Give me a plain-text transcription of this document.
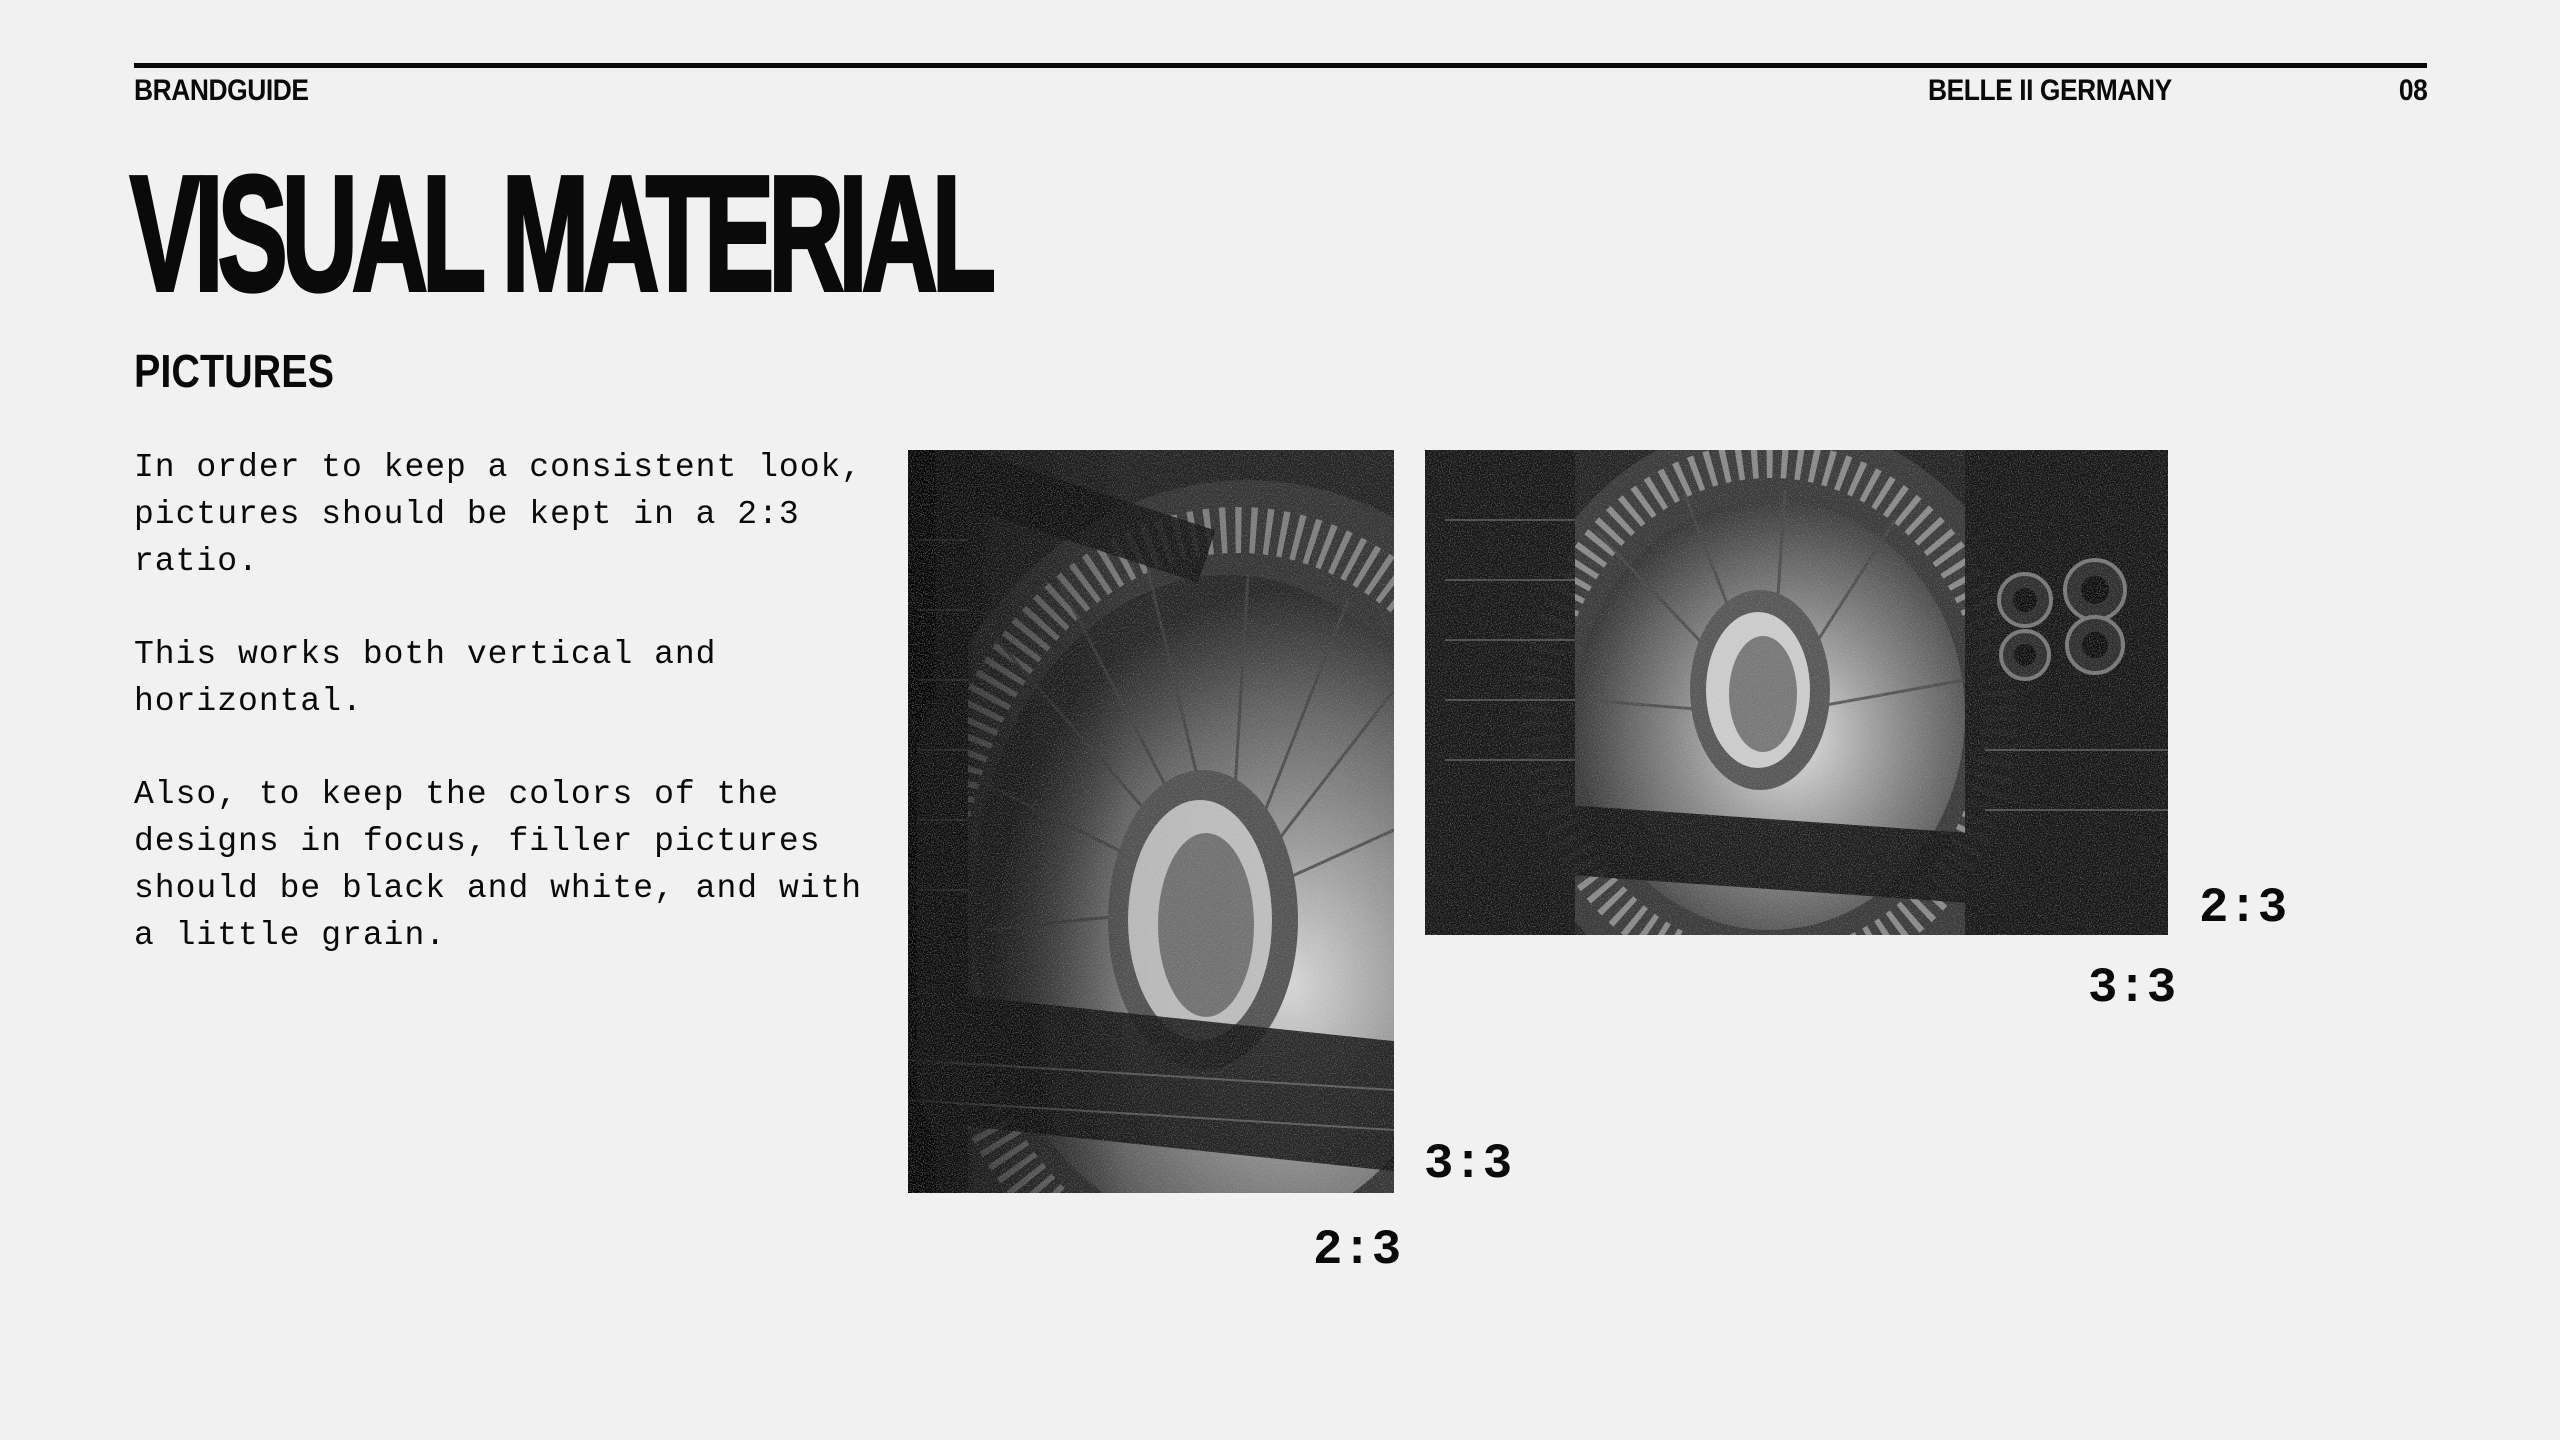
BRANDGUIDE	BELLE II GERMANY	08
VISUAL MATERIAL
PICTURES

In order to keep a consistent look, pictures should be kept in a 2:3 ratio.

This works both vertical and horizontal.

Also, to keep the colors of the designs in focus, filler pictures should be black and white, and with a little grain.

2:3
3:3
3:3
2:3
